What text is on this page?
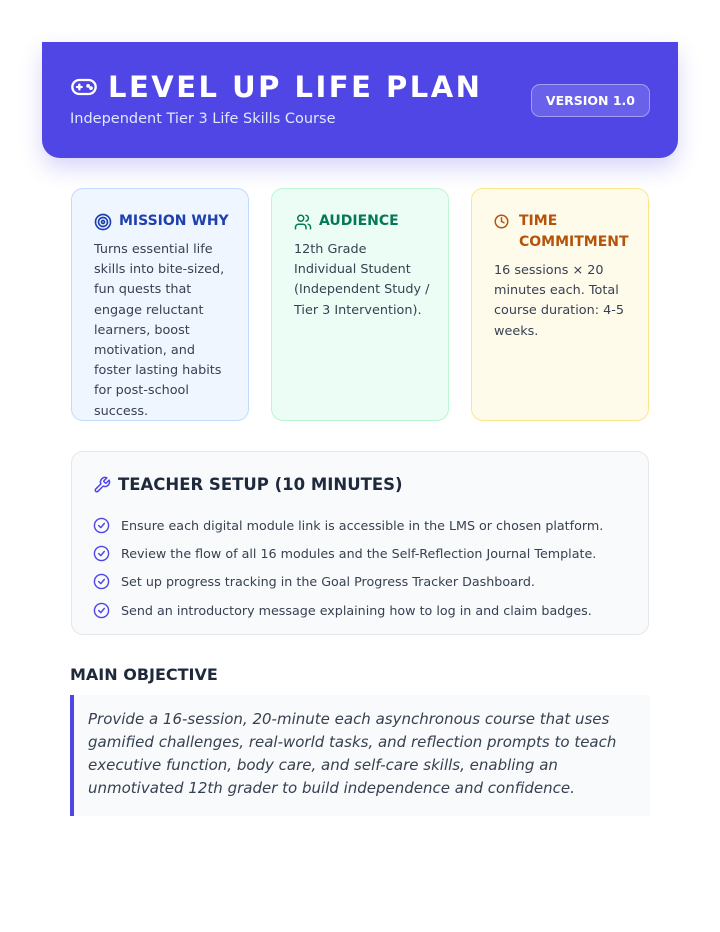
LEVEL UP LIFE PLAN
Independent Tier 3 Life Skills Course
VERSION 1.0
MISSION WHY

Turns essential life skills into bite-sized, fun quests that engage reluctant learners, boost motivation, and foster lasting habits for post-school success.

AUDIENCE

12th Grade Individual Student (Independent Study / Tier 3 Intervention).

TIME COMMITMENT

16 sessions × 20 minutes each. Total course duration: 4-5 weeks.

TEACHER SETUP (10 MINUTES)
Ensure each digital module link is accessible in the LMS or chosen platform.
Review the flow of all 16 modules and the Self-Reflection Journal Template.
Set up progress tracking in the Goal Progress Tracker Dashboard.
Send an introductory message explaining how to log in and claim badges.
MAIN OBJECTIVE

Provide a 16-session, 20-minute each asynchronous course that uses gamified challenges, real-world tasks, and reflection prompts to teach executive function, body care, and self-care skills, enabling an unmotivated 12th grader to build independence and confidence.
